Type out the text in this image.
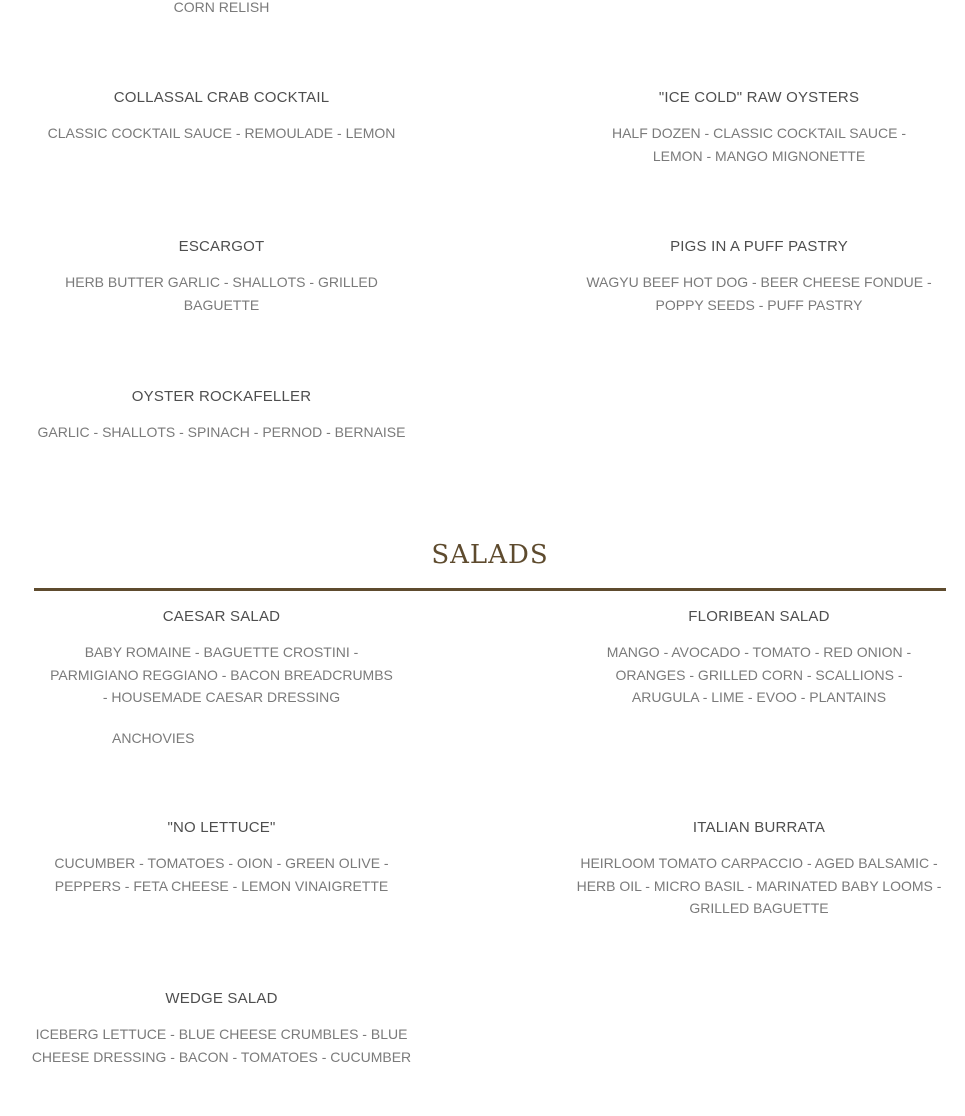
CORN RELISH
COLLASSAL CRAB COCKTAIL
CLASSIC COCKTAIL SAUCE - REMOULADE - LEMON
"ICE COLD" RAW OYSTERS
HALF DOZEN - CLASSIC COCKTAIL SAUCE - LEMON - MANGO MIGNONETTE
ESCARGOT
HERB BUTTER GARLIC - SHALLOTS - GRILLED BAGUETTE
PIGS IN A PUFF PASTRY
WAGYU BEEF HOT DOG - BEER CHEESE FONDUE - POPPY SEEDS - PUFF PASTRY
OYSTER ROCKAFELLER
GARLIC - SHALLOTS - SPINACH - PERNOD - BERNAISE
SALADS
CAESAR SALAD
BABY ROMAINE - BAGUETTE CROSTINI - PARMIGIANO REGGIANO - BACON BREADCRUMBS - HOUSEMADE CAESAR DRESSING
ANCHOVIES
FLORIBEAN SALAD
MANGO - AVOCADO - TOMATO - RED ONION - ORANGES - GRILLED CORN - SCALLIONS - ARUGULA - LIME - EVOO - PLANTAINS
"NO LETTUCE"
CUCUMBER - TOMATOES - OION - GREEN OLIVE - PEPPERS - FETA CHEESE - LEMON VINAIGRETTE
ITALIAN BURRATA
HEIRLOOM TOMATO CARPACCIO - AGED BALSAMIC - HERB OIL - MICRO BASIL - MARINATED BABY LOOMS - GRILLED BAGUETTE
WEDGE SALAD
ICEBERG LETTUCE - BLUE CHEESE CRUMBLES - BLUE CHEESE DRESSING - BACON - TOMATOES - CUCUMBER
